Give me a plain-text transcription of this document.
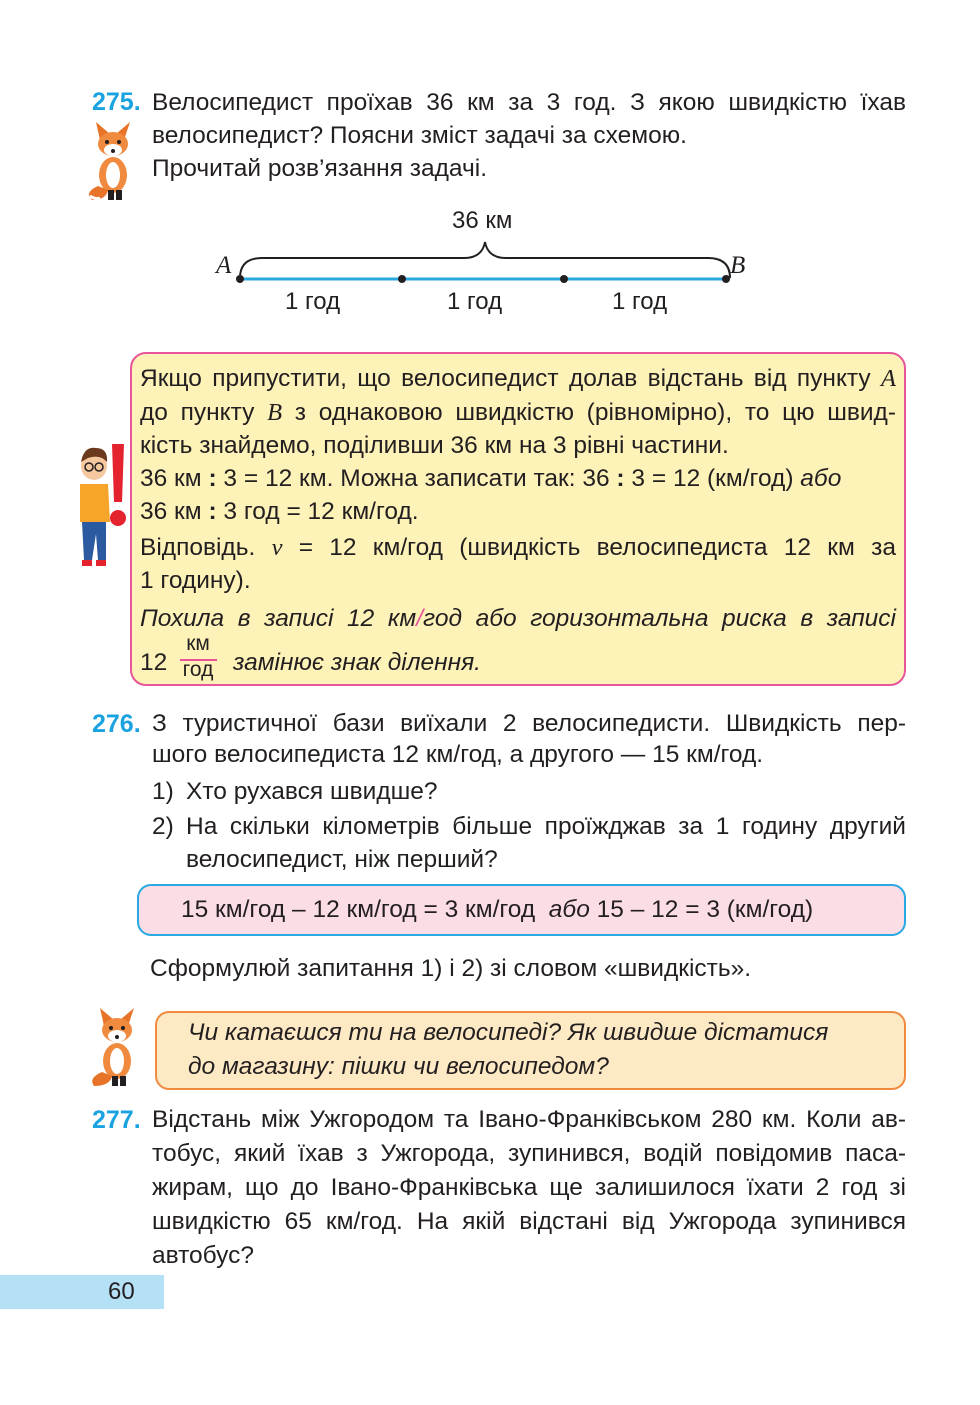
275. Велосипедист проїхав 36 км за 3 год. З якою швидкістю їхав
велосипедист? Поясни зміст задачі за схемою.
Прочитай розв’язання задачі.
36 км
A	B
1 год	1 год	1 год
Якщо припустити, що велосипедист долав відстань від пункту A
до пункту B з однаковою швидкістю (рівномірно), то цю швид-
кість знайдемо, поділивши 36 км на 3 рівні частини.
36 км : 3 = 12 км. Можна записати так: 36 : 3 = 12 (км/год) або
36 км : 3 год = 12 км/год.
Відповідь. v = 12 км/год (швидкість велосипедиста 12 км за
1 годину).
Похила в записі 12 км/год або горизонтальна риска в записі
12
км
год замінює знак ділення.
276. З туристичної бази виїхали 2 велосипедисти. Швидкість пер-
шого велосипедиста 12 км/год, а другого — 15 км/год.
1) Хто рухався швидше?
2) На скільки кілометрів більше проїжджав за 1 годину другий
велосипедист, ніж перший?
15 км/год – 12 км/год = 3 км/год або 15 – 12 = 3 (км/год)
Сформулюй запитання 1) і 2) зі словом «швидкість».
Чи катаєшся ти на велосипеді? Як швидше дістатися
до магазину: пішки чи велосипедом?
277. Відстань між Ужгородом та Івано-Франківськом 280 км. Коли ав-
тобус, який їхав з Ужгорода, зупинився, водій повідомив паса-
жирам, що до Івано-Франківська ще залишилося їхати 2 год зі
швидкістю 65 км/год. На якій відстані від Ужгорода зупинився
автобус?
60
